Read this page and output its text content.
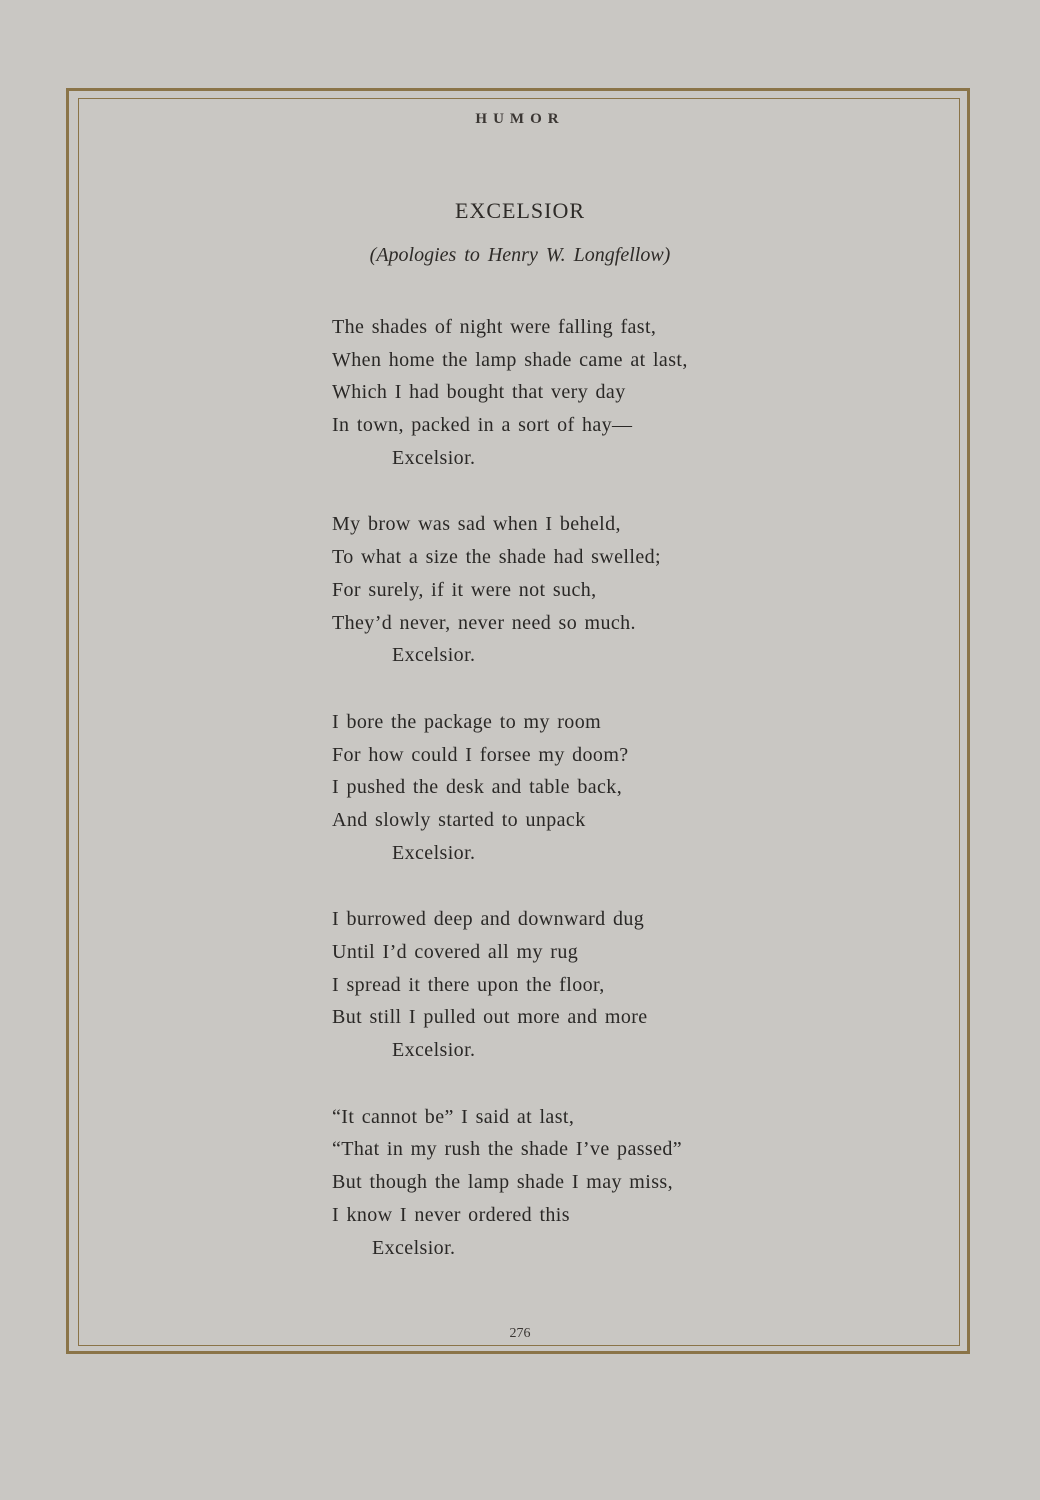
HUMOR
EXCELSIOR
(Apologies to Henry W. Longfellow)
The shades of night were falling fast,
When home the lamp shade came at last,
Which I had bought that very day
In town, packed in a sort of hay—
Excelsior.
My brow was sad when I beheld,
To what a size the shade had swelled;
For surely, if it were not such,
They’d never, never need so much.
Excelsior.
I bore the package to my room
For how could I forsee my doom?
I pushed the desk and table back,
And slowly started to unpack
Excelsior.
I burrowed deep and downward dug
Until I’d covered all my rug
I spread it there upon the floor,
But still I pulled out more and more
Excelsior.
“It cannot be” I said at last,
“That in my rush the shade I’ve passed”
But though the lamp shade I may miss,
I know I never ordered this
Excelsior.
276
